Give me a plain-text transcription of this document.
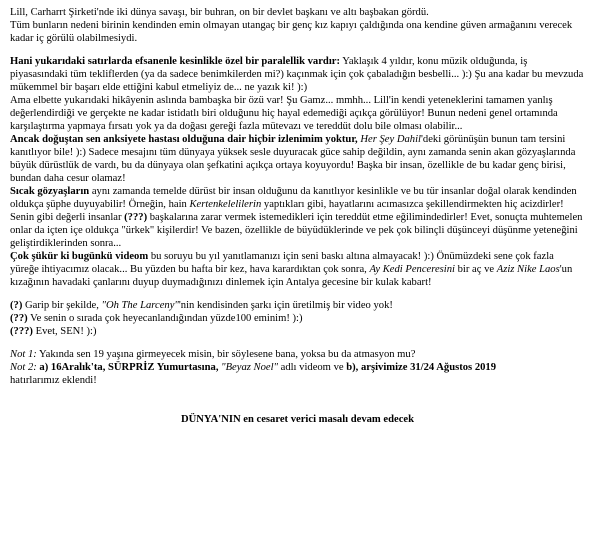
Lill, Carharrt Şirketi'nde iki dünya savaşı, bir buhran, on bir devlet başkanı ve altı başbakan gördü.

Tüm bunların nedeni birinin kendinden emin olmayan utangaç bir genç kız kapıyı çaldığında ona kendine güven armağanını verecek kadar iç görülü olabilmesiydi.

Hani yukarıdaki satırlarda efsanenle kesinlikle özel bir paralellik vardır: Yaklaşık 4 yıldır, konu müzik olduğunda, iş piyasasındaki tüm tekliflerden (ya da sadece benimkilerden mi?) kaçınmak için çok çabaladığın besbelli... ):) Şu ana kadar bu mevzuda mükemmel bir başarı elde ettiğini kabul etmeliyiz de... ne yazık ki! ):)

Ama elbette yukarıdaki hikâyenin aslında bambaşka bir özü var! Şu Gamz... mmhh... Lill'in kendi yeteneklerini tamamen yanlış değerlendirdiği ve gerçekte ne kadar istidatlı biri olduğunu hiç hayal edemediği açıkça görülüyor! Bunun nedeni genel ortamında karşılaştırma yapmaya fırsatı yok ya da doğası gereği fazla mütevazı ve tereddüt dolu bile olması olabilir...

Ancak doğuştan sen anksiyete hastası olduğuna dair hiçbir izlenimim yoktur, Her Şey Dahil'deki görünüşün bunun tam tersini kanıtlıyor bile! ):) Sadece mesajını tüm dünyaya yüksek sesle duyuracak güce sahip değildin, aynı zamanda senin akan gözyaşlarında büyük dürüstlük de vardı, bu da dünyaya olan şefkatini açıkça ortaya koyuyordu! Başka bir insan, özellikle de bu kadar genç birisi, bundan daha cesur olamaz!

Sıcak gözyaşların aynı zamanda temelde dürüst bir insan olduğunu da kanıtlıyor kesinlikle ve bu tür insanlar doğal olarak kendinden oldukça şüphe duyuyabilir! Örneğin, hain Kertenkelelilerin yaptıkları gibi, hayatlarını acımasızca şekillendirmekten hiç acizdirler! Senin gibi değerli insanlar (???) başkalarına zarar vermek istemedikleri için tereddüt etme eğilimindedirler! Evet, sonuçta muhtemelen onlar da içten içe oldukça "ürkek" kişilerdir! Ve bazen, özellikle de büyüdüklerinde ve pek çok bilinçli düşünceyi düşünme yeteneğini geliştirdiklerinden sonra...

Çok şükür ki bugünkü videom bu soruyu bu yıl yanıtlamanızı için seni baskı altına almayacak! ):) Önümüzdeki sene çok fazla yüreğe ihtiyacımız olacak... Bu yüzden bu hafta bir kez, hava karardıktan çok sonra, Ay Kedi Penceresini bir aç ve Aziz Nike Laos'un kızağının havadaki çanlarını duyup duymadığınızı dinlemek için Antalya gecesine bir kulak kabart!

(?) Garip bir şekilde, "Oh The Larceny"'nin kendisinden şarkı için üretilmiş bir video yok!

(??) Ve senin o sırada çok heyecanlandığından yüzde100 eminim! ):)

(???) Evet, SEN! ):)

Not 1: Yakında sen 19 yaşına girmeyecek misin, bir söylesene bana, yoksa bu da atmasyon mu?

Not 2: a) 16Aralık'ta, SÜRPRİZ Yumurtasına, "Beyaz Noel" adlı videom ve b), arşivimize 31/24 Ağustos 2019

hatırlarımız eklendi!

DÜNYA'NIN en cesaret verici masalı devam edecek
